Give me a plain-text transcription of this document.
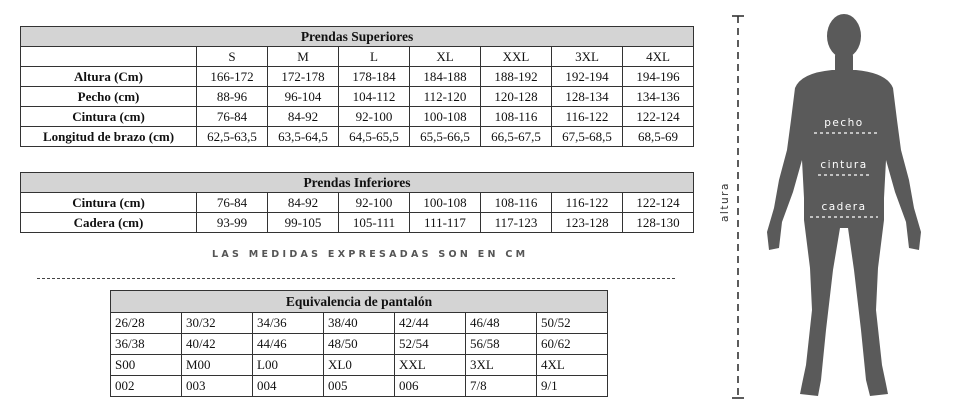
Prendas Superiores							
	S	M	L	XL	XXL	3XL	4XL
Altura (Cm)	166-172	172-178	178-184	184-188	188-192	192-194	194-196
Pecho (cm)	88-96	96-104	104-112	112-120	120-128	128-134	134-136
Cintura (cm)	76-84	84-92	92-100	100-108	108-116	116-122	122-124
Longitud de brazo (cm)	62,5-63,5	63,5-64,5	64,5-65,5	65,5-66,5	66,5-67,5	67,5-68,5	68,5-69
Prendas Inferiores							
Cintura (cm)	76-84	84-92	92-100	100-108	108-116	116-122	122-124
Cadera (cm)	93-99	99-105	105-111	111-117	117-123	123-128	128-130
LAS MEDIDAS EXPRESADAS SON EN CM
Equivalencia de pantalón						
26/28	30/32	34/36	38/40	42/44	46/48	50/52
36/38	40/42	44/46	48/50	52/54	56/58	60/62
S00	M00	L00	XL0	XXL	3XL	4XL
002	003	004	005	006	7/8	9/1
altura
pecho
cintura
cadera
